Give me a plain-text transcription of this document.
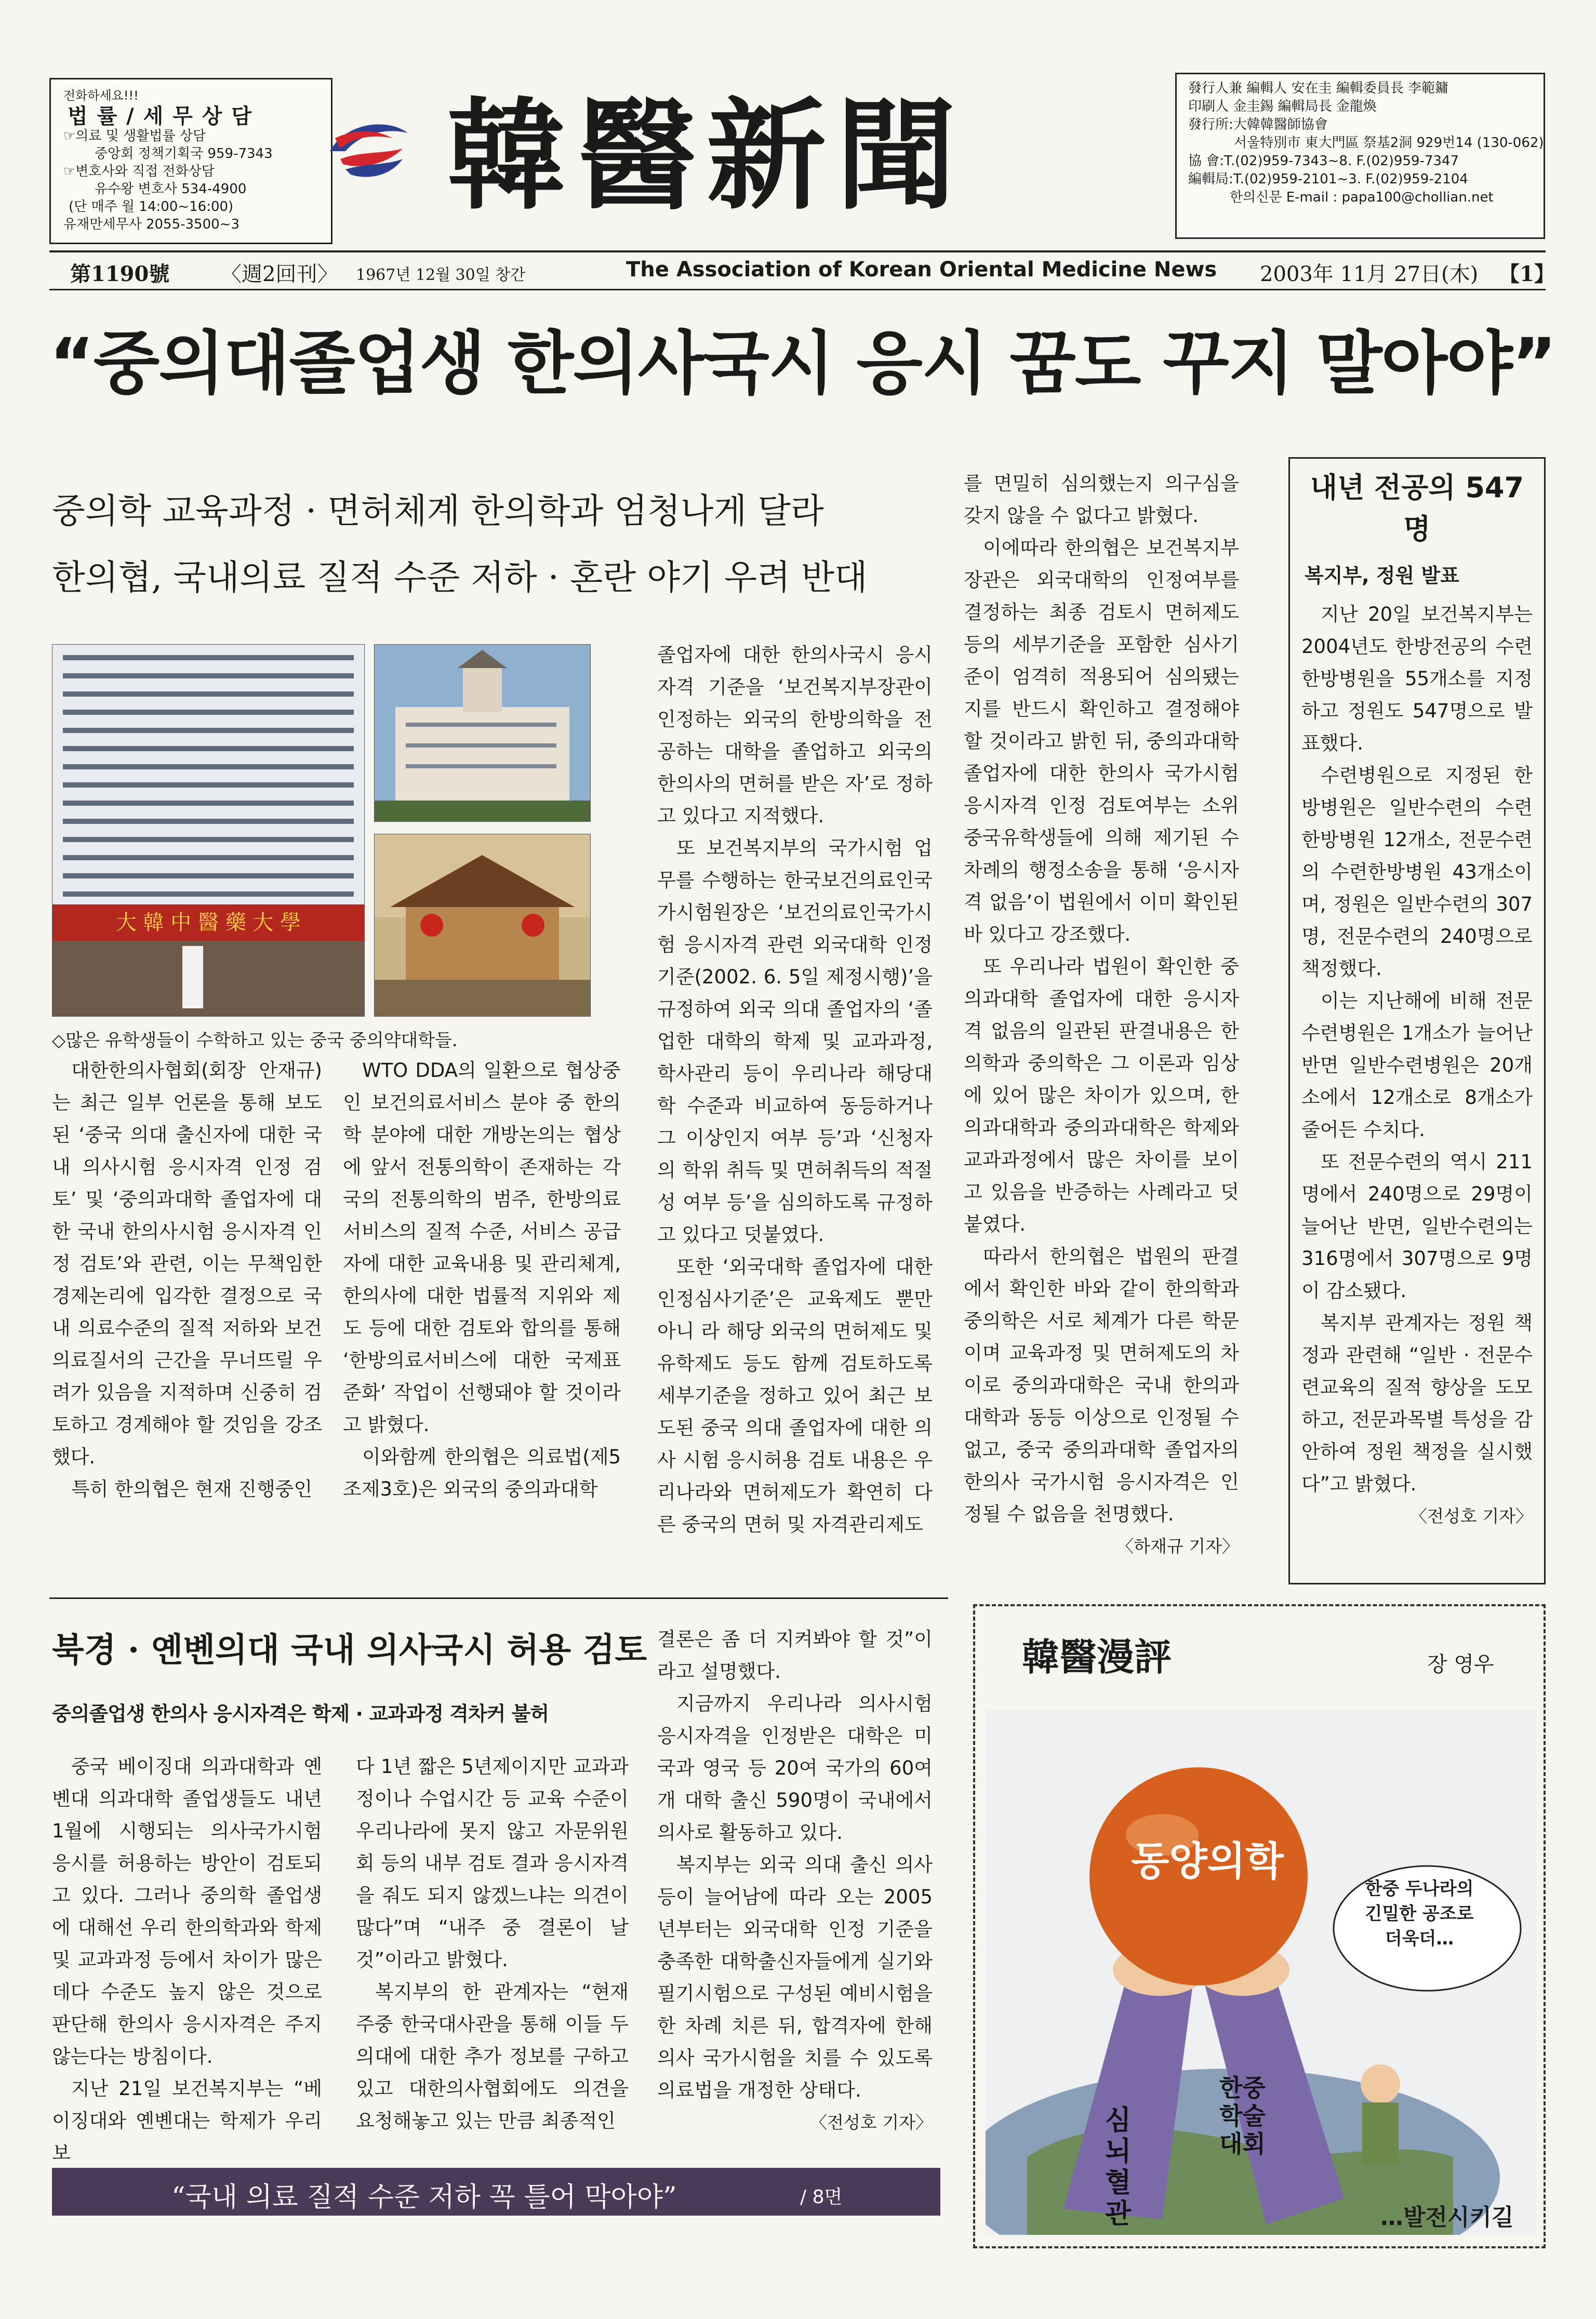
전화하세요!!!
법 률 / 세 무 상 담
☞의료 및 생활법률 상담
중앙회 정책기획국 959-7343
☞변호사와 직접 전화상담
유수왕 변호사 534-4900
(단 매주 월 14:00~16:00)
유재만세무사 2055-3500~3	韓醫新聞	發行人兼 編輯人 安在圭 編輯委員長 李範鏞
印刷人 金圭錫 編輯局長 金龍煥
發行所:大韓韓醫師協會
서울特別市 東大門區 祭基2洞 929번14 (130-062)
協 會:T.(02)959-7343~8. F.(02)959-7347
編輯局:T.(02)959-2101~3. F.(02)959-2104
한의신문 E-mail : papa100@chollian.net
第1190號 〈週2回刊〉 1967년 12월 30일 창간	The Association of Korean Oriental Medicine News 2003年 11月 27日(木) 【1】
“중의대졸업생 한의사국시 응시 꿈도 꾸지 말아야”
중의학 교육과정 · 면허체계 한의학과 엄청나게 달라
한의협, 국내의료 질적 수준 저하 · 혼란 야기 우려 반대
大 韓 中 醫 藥 大 學
◇많은 유학생들이 수학하고 있는 중국 중의약대학들.

대한한의사협회(회장 안재규)는 최근 일부 언론을 통해 보도된 ‘중국 의대 출신자에 대한 국내 의사시험 응시자격 인정 검토’ 및 ‘중의과대학 졸업자에 대한 국내 한의사시험 응시자격 인정 검토’와 관련, 이는 무책임한 경제논리에 입각한 결정으로 국내 의료수준의 질적 저하와 보건의료질서의 근간을 무너뜨릴 우려가 있음을 지적하며 신중히 검토하고 경계해야 할 것임을 강조했다.

특히 한의협은 현재 진행중인

WTO DDA의 일환으로 협상중인 보건의료서비스 분야 중 한의학 분야에 대한 개방논의는 협상에 앞서 전통의학이 존재하는 각 국의 전통의학의 범주, 한방의료서비스의 질적 수준, 서비스 공급자에 대한 교육내용 및 관리체계, 한의사에 대한 법률적 지위와 제도 등에 대한 검토와 합의를 통해 ‘한방의료서비스에 대한 국제표준화’ 작업이 선행돼야 할 것이라고 밝혔다.

이와함께 한의협은 의료법(제5조제3호)은 외국의 중의과대학

졸업자에 대한 한의사국시 응시자격 기준을 ‘보건복지부장관이 인정하는 외국의 한방의학을 전공하는 대학을 졸업하고 외국의 한의사의 면허를 받은 자’로 정하고 있다고 지적했다.

또 보건복지부의 국가시험 업무를 수행하는 한국보건의료인국가시험원장은 ‘보건의료인국가시험 응시자격 관련 외국대학 인정 기준(2002. 6. 5일 제정시행)’을 규정하여 외국 의대 졸업자의 ‘졸업한 대학의 학제 및 교과과정, 학사관리 등이 우리나라 해당대학 수준과 비교하여 동등하거나 그 이상인지 여부 등’과 ‘신청자의 학위 취득 및 면허취득의 적절성 여부 등’을 심의하도록 규정하고 있다고 덧붙였다.

또한 ‘외국대학 졸업자에 대한 인정심사기준’은 교육제도 뿐만 아니 라 해당 외국의 면허제도 및 유학제도 등도 함께 검토하도록 세부기준을 정하고 있어 최근 보도된 중국 의대 졸업자에 대한 의사 시험 응시허용 검토 내용은 우리나라와 면허제도가 확연히 다른 중국의 면허 및 자격관리제도

를 면밀히 심의했는지 의구심을 갖지 않을 수 없다고 밝혔다.

이에따라 한의협은 보건복지부장관은 외국대학의 인정여부를 결정하는 최종 검토시 면허제도 등의 세부기준을 포함한 심사기준이 엄격히 적용되어 심의됐는지를 반드시 확인하고 결정해야 할 것이라고 밝힌 뒤, 중의과대학 졸업자에 대한 한의사 국가시험 응시자격 인정 검토여부는 소위 중국유학생들에 의해 제기된 수 차례의 행정소송을 통해 ‘응시자격 없음’이 법원에서 이미 확인된 바 있다고 강조했다.

또 우리나라 법원이 확인한 중의과대학 졸업자에 대한 응시자격 없음의 일관된 판결내용은 한의학과 중의학은 그 이론과 임상에 있어 많은 차이가 있으며, 한의과대학과 중의과대학은 학제와 교과과정에서 많은 차이를 보이고 있음을 반증하는 사례라고 덧붙였다.

따라서 한의협은 법원의 판결에서 확인한 바와 같이 한의학과 중의학은 서로 체계가 다른 학문이며 교육과정 및 면허제도의 차이로 중의과대학은 국내 한의과대학과 동등 이상으로 인정될 수 없고, 중국 중의과대학 졸업자의 한의사 국가시험 응시자격은 인정될 수 없음을 천명했다.

〈하재규 기자〉
내년 전공의 547명
복지부, 정원 발표

지난 20일 보건복지부는 2004년도 한방전공의 수련한방병원을 55개소를 지정하고 정원도 547명으로 발표했다.

수련병원으로 지정된 한방병원은 일반수련의 수련한방병원 12개소, 전문수련의 수련한방병원 43개소이며, 정원은 일반수련의 307명, 전문수련의 240명으로 책정했다.

이는 지난해에 비해 전문수련병원은 1개소가 늘어난 반면 일반수련병원은 20개소에서 12개소로 8개소가 줄어든 수치다.

또 전문수련의 역시 211명에서 240명으로 29명이 늘어난 반면, 일반수련의는 316명에서 307명으로 9명이 감소됐다.

복지부 관계자는 정원 책정과 관련해 “일반 · 전문수련교육의 질적 향상을 도모하고, 전문과목별 특성을 감안하여 정원 책정을 실시했다”고 밝혔다.

〈전성호 기자〉
북경 · 옌볜의대 국내 의사국시 허용 검토
중의졸업생 한의사 응시자격은 학제 · 교과과정 격차커 불허

중국 베이징대 의과대학과 옌볜대 의과대학 졸업생들도 내년 1월에 시행되는 의사국가시험 응시를 허용하는 방안이 검토되고 있다. 그러나 중의학 졸업생에 대해선 우리 한의학과와 학제 및 교과과정 등에서 차이가 많은 데다 수준도 높지 않은 것으로 판단해 한의사 응시자격은 주지 않는다는 방침이다.

지난 21일 보건복지부는 “베이징대와 옌볜대는 학제가 우리보

다 1년 짧은 5년제이지만 교과과정이나 수업시간 등 교육 수준이 우리나라에 못지 않고 자문위원회 등의 내부 검토 결과 응시자격을 줘도 되지 않겠느냐는 의견이 많다”며 “내주 중 결론이 날 것”이라고 밝혔다.

복지부의 한 관계자는 “현재 주중 한국대사관을 통해 이들 두 의대에 대한 추가 정보를 구하고 있고 대한의사협회에도 의견을 요청해놓고 있는 만큼 최종적인

결론은 좀 더 지켜봐야 할 것”이라고 설명했다.

지금까지 우리나라 의사시험 응시자격을 인정받은 대학은 미국과 영국 등 20여 국가의 60여개 대학 출신 590명이 국내에서 의사로 활동하고 있다.

복지부는 외국 의대 출신 의사 등이 늘어남에 따라 오는 2005년부터는 외국대학 인정 기준을 충족한 대학출신자들에게 실기와 필기시험으로 구성된 예비시험을 한 차례 치른 뒤, 합격자에 한해 의사 국가시험을 치를 수 있도록 의료법을 개정한 상태다.

〈전성호 기자〉
“국내 의료 질적 수준 저하 꼭 틀어 막아야”	/ 8면
韓醫漫評	장 영우
동양의학
심뇌혈관
한중학술대회
한중 두나라의 긴밀한 공조로 더욱더…
…발전시키길
